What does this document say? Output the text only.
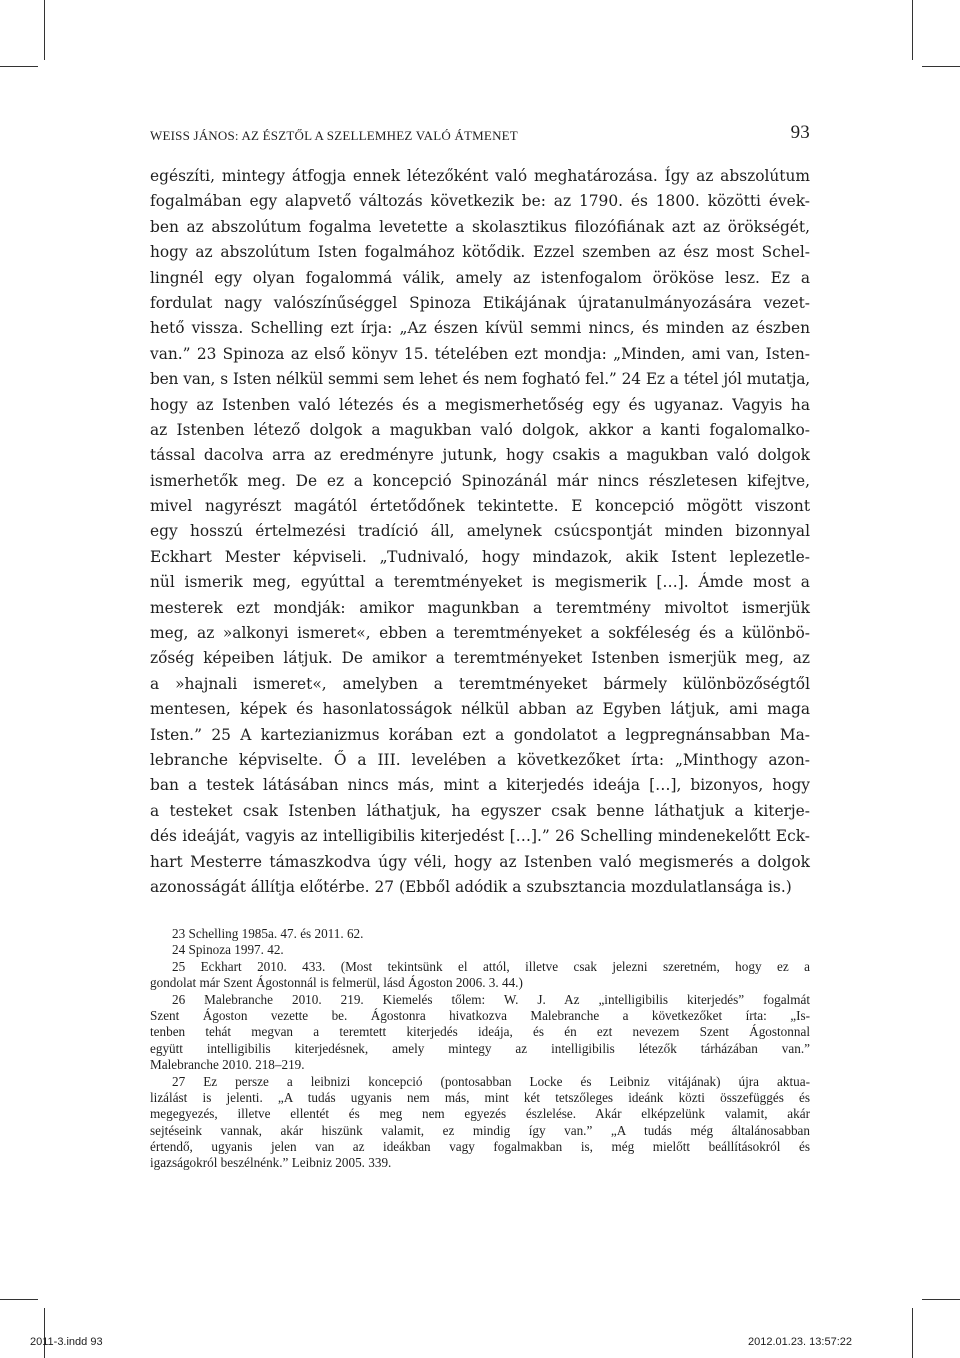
WEISS JÁNOS: AZ ÉSZTŐL A SZELLEMHEZ VALÓ ÁTMENET	93
egészíti, mintegy átfogja ennek létezőként való meghatározása. Így az abszolútum
fogalmában egy alapvető változás következik be: az 1790. és 1800. közötti évek-
ben az abszolútum fogalma levetette a skolasztikus filozófiának azt az örökségét,
hogy az abszolútum Isten fogalmához kötődik. Ezzel szemben az ész most Schel-
lingnél egy olyan fogalommá válik, amely az istenfogalom örököse lesz. Ez a
fordulat nagy valószínűséggel Spinoza Etikájának újratanulmányozására vezet-
hető vissza. Schelling ezt írja: „Az észen kívül semmi nincs, és minden az észben
van.” 23 Spinoza az első könyv 15. tételében ezt mondja: „Minden, ami van, Isten-
ben van, s Isten nélkül semmi sem lehet és nem fogható fel.” 24 Ez a tétel jól mutatja,
hogy az Istenben való létezés és a megismerhetőség egy és ugyanaz. Vagyis ha
az Istenben létező dolgok a magukban való dolgok, akkor a kanti fogalomalko-
tással dacolva arra az eredményre jutunk, hogy csakis a magukban való dolgok
ismerhetők meg. De ez a koncepció Spinozánál már nincs részletesen kifejtve,
mivel nagyrészt magától értetődőnek tekintette. E koncepció mögött viszont
egy hosszú értelmezési tradíció áll, amelynek csúcspontját minden bizonnyal
Eckhart Mester képviseli. „Tudnivaló, hogy mindazok, akik Istent leplezetle-
nül ismerik meg, egyúttal a teremtményeket is megismerik […]. Ámde most a
mesterek ezt mondják: amikor magunkban a teremtmény mivoltot ismerjük
meg, az »alkonyi ismeret«, ebben a teremtményeket a sokféleség és a különbö-
zőség képeiben látjuk. De amikor a teremtményeket Istenben ismerjük meg, az
a »hajnali ismeret«, amelyben a teremtményeket bármely különbözőségtől
mentesen, képek és hasonlatosságok nélkül abban az Egyben látjuk, ami maga
Isten.” 25 A kartezianizmus korában ezt a gondolatot a legpregnánsabban Ma-
lebranche képviselte. Ő a III. levelében a következőket írta: „Minthogy azon-
ban a testek látásában nincs más, mint a kiterjedés ideája […], bizonyos, hogy
a testeket csak Istenben láthatjuk, ha egyszer csak benne láthatjuk a kiterje-
dés ideáját, vagyis az intelligibilis kiterjedést […].” 26 Schelling mindenekelőtt Eck-
hart Mesterre támaszkodva úgy véli, hogy az Istenben való megismerés a dolgok
azonosságát állítja előtérbe. 27 (Ebből adódik a szubsztancia mozdulatlansága is.)
23 Schelling 1985a. 47. és 2011. 62.
24 Spinoza 1997. 42.
25 Eckhart 2010. 433. (Most tekintsünk el attól, illetve csak jelezni szeretném, hogy ez a
gondolat már Szent Ágostonnál is felmerül, lásd Ágoston 2006. 3. 44.)
26 Malebranche 2010. 219. Kiemelés tőlem: W. J. Az „intelligibilis kiterjedés” fogalmát
Szent Ágoston vezette be. Ágostonra hivatkozva Malebranche a következőket írta: „Is-
tenben tehát megvan a teremtett kiterjedés ideája, és én ezt nevezem Szent Ágostonnal
együtt intelligibilis kiterjedésnek, amely mintegy az intelligibilis létezők tárházában van.”
Malebranche 2010. 218–219.
27 Ez persze a leibnizi koncepció (pontosabban Locke és Leibniz vitájának) újra aktua-
lizálást is jelenti. „A tudás ugyanis nem más, mint két tetszőleges ideánk közti összefüggés és
megegyezés, illetve ellentét és meg nem egyezés észlelése. Akár elképzelünk valamit, akár
sejtéseink vannak, akár hiszünk valamit, ez mindig így van.” „A tudás még általánosabban
értendő, ugyanis jelen van az ideákban vagy fogalmakban is, még mielőtt beállításokról és
igazságokról beszélnénk.” Leibniz 2005. 339.
2011-3.indd 93	2012.01.23. 13:57:22
